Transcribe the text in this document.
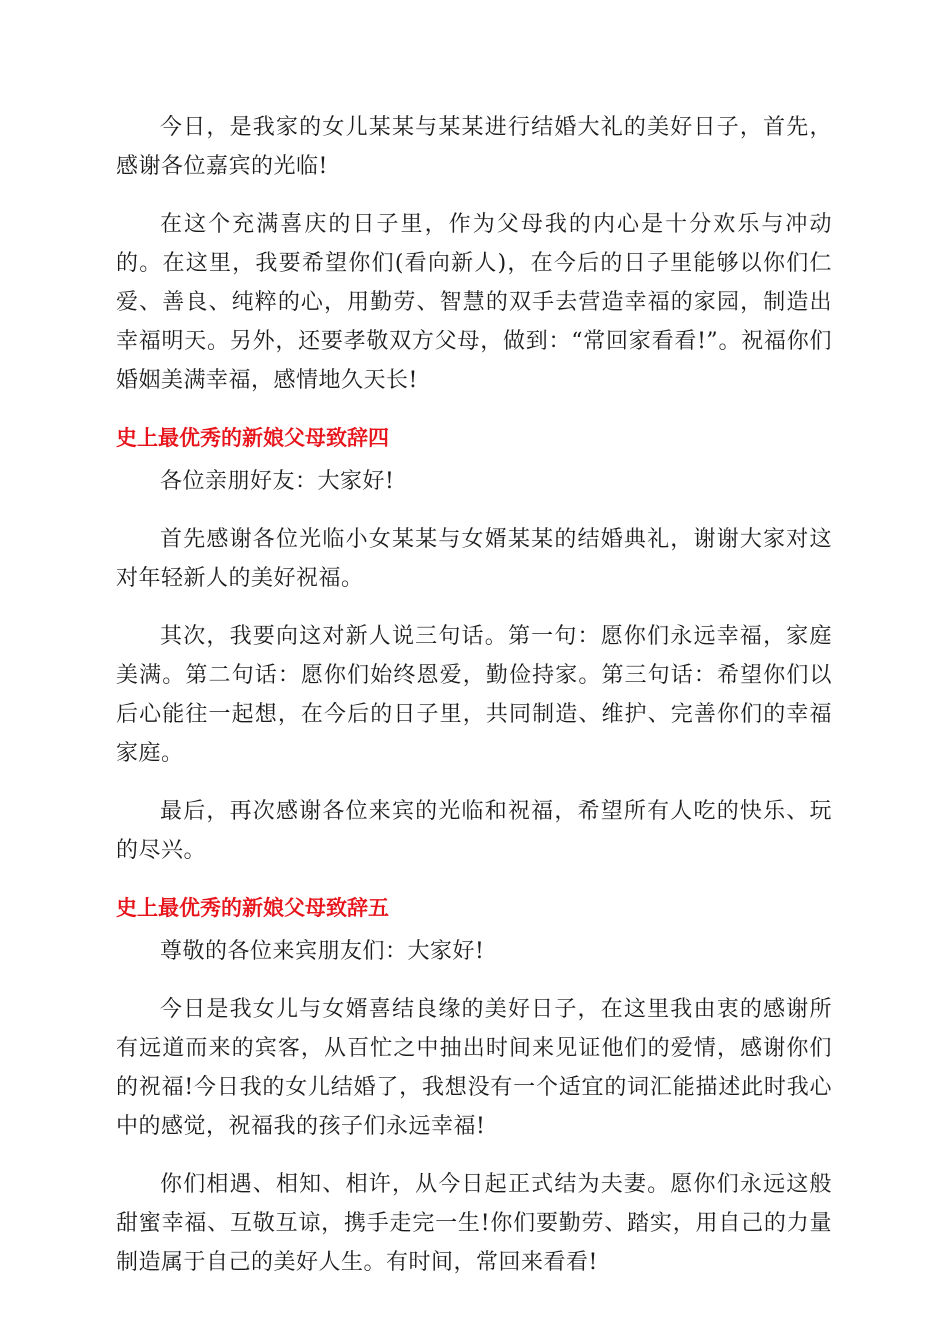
今日，是我家的女儿某某与某某进行结婚大礼的美好日子，首先，感谢各位嘉宾的光临!

在这个充满喜庆的日子里，作为父母我的内心是十分欢乐与冲动的。在这里，我要希望你们(看向新人)，在今后的日子里能够以你们仁爱、善良、纯粹的心，用勤劳、智慧的双手去营造幸福的家园，制造出幸福明天。另外，还要孝敬双方父母，做到：“常回家看看!”。祝福你们婚姻美满幸福，感情地久天长!

史上最优秀的新娘父母致辞四

各位亲朋好友：大家好!

首先感谢各位光临小女某某与女婿某某的结婚典礼，谢谢大家对这对年轻新人的美好祝福。

其次，我要向这对新人说三句话。第一句：愿你们永远幸福，家庭美满。第二句话：愿你们始终恩爱，勤俭持家。第三句话：希望你们以后心能往一起想，在今后的日子里，共同制造、维护、完善你们的幸福家庭。

最后，再次感谢各位来宾的光临和祝福，希望所有人吃的快乐、玩的尽兴。

史上最优秀的新娘父母致辞五

尊敬的各位来宾朋友们：大家好!

今日是我女儿与女婿喜结良缘的美好日子，在这里我由衷的感谢所有远道而来的宾客，从百忙之中抽出时间来见证他们的爱情，感谢你们的祝福!今日我的女儿结婚了，我想没有一个适宜的词汇能描述此时我心中的感觉，祝福我的孩子们永远幸福!

你们相遇、相知、相许，从今日起正式结为夫妻。愿你们永远这般甜蜜幸福、互敬互谅，携手走完一生!你们要勤劳、踏实，用自己的力量制造属于自己的美好人生。有时间，常回来看看!
